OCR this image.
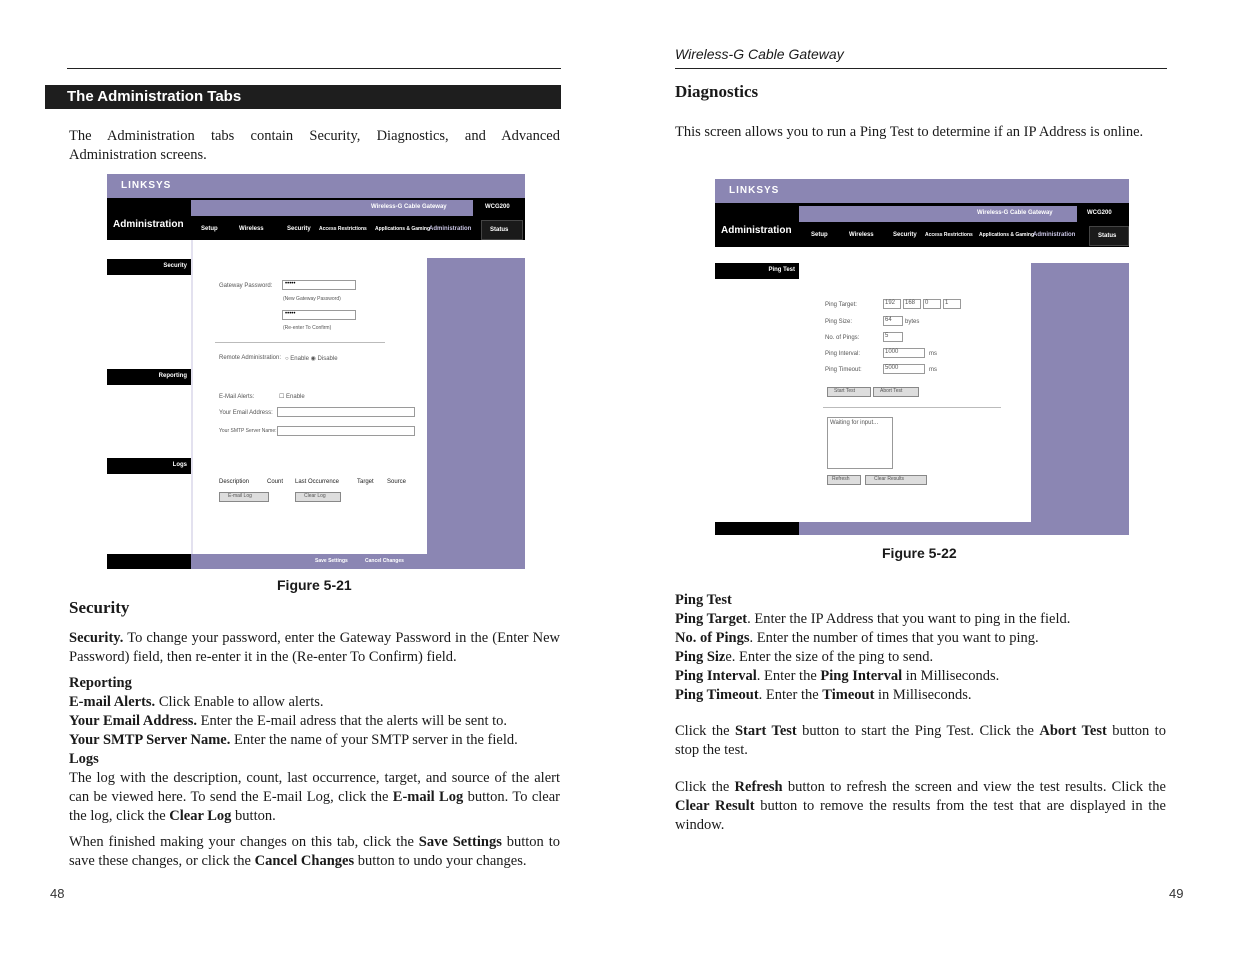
The Administration Tabs
The Administration tabs contain Security, Diagnostics, and Advanced Administration screens.
LINKSYS
Administration
Wireless-G Cable Gateway	WCG200
Setup	Wireless	Security Access Restrictions Applications & Gaming
Administration	Status
Security
Reporting
Logs
Gateway Password: •••••
(New Gateway Password)
•••••
(Re-enter To Confirm)
Remote Administration: ○ Enable ◉ Disable
E-Mail Alerts:	☐ Enable
Your Email Address:
Your SMTP Server Name:
Description	Count Last Occurrence	Target Source
E-mail Log	Clear Log
Save Settings	Cancel Changes
Figure 5-21
Security
Security. To change your password, enter the Gateway Password in the (Enter New Password) field, then re-enter it in the (Re-enter To Confirm) field.
Reporting
E-mail Alerts. Click Enable to allow alerts.
Your Email Address. Enter the E-mail adress that the alerts will be sent to.
Your SMTP Server Name. Enter the name of your SMTP server in the field.
Logs
The log with the description, count, last occurrence, target, and source of the alert can be viewed here. To send the E-mail Log, click the E-mail Log button. To clear the log, click the Clear Log button.
When finished making your changes on this tab, click the Save Settings button to save these changes, or click the Cancel Changes button to undo your changes.
48
Wireless-G Cable Gateway
Diagnostics
This screen allows you to run a Ping Test to determine if an IP Address is online.
LINKSYS
Administration
Wireless-G Cable Gateway	WCG200
Setup	Wireless	Security Access Restrictions Applications & Gaming
Administration	Status
Ping Test
Ping Target:	192 168 0	1
Ping Size:	64 bytes
No. of Pings:	5
Ping Interval:	1000	ms
Ping Timeout:	5000	ms
Start Test	Abort Test
Waiting for input...
Refresh	Clear Results
Figure 5-22
Ping Test
Ping Target. Enter the IP Address that you want to ping in the field.
No. of Pings. Enter the number of times that you want to ping.
Ping Size. Enter the size of the ping to send.
Ping Interval. Enter the Ping Interval in Milliseconds.
Ping Timeout. Enter the Timeout in Milliseconds.
Click the Start Test button to start the Ping Test. Click the Abort Test button to stop the test.
Click the Refresh button to refresh the screen and view the test results. Click the Clear Result button to remove the results from the test that are displayed in the window.
49
